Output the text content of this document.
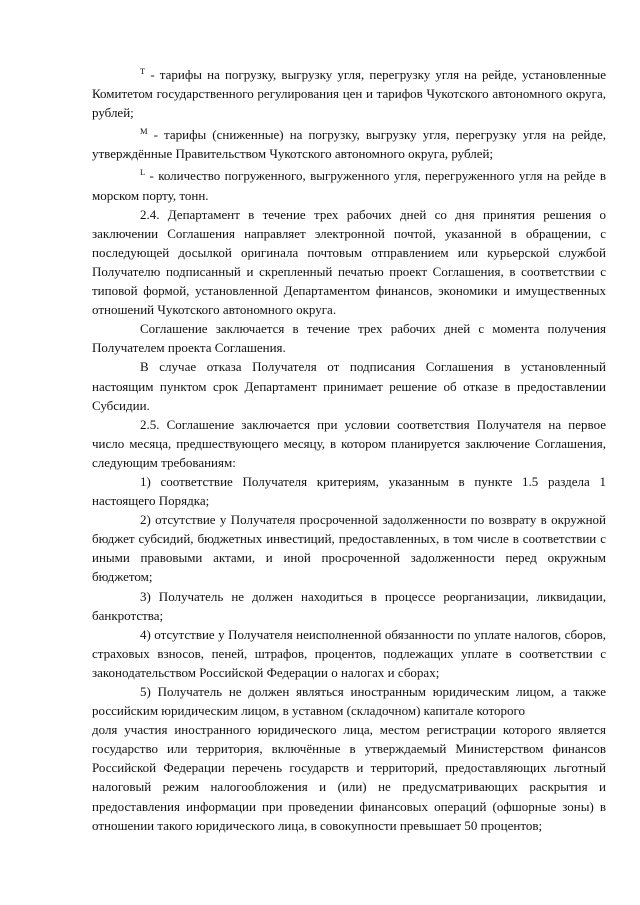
$^T$ - тарифы на погрузку, выгрузку угля, перегрузку угля на рейде, установленные Комитетом государственного регулирования цен и тарифов Чукотского автономного округа, рублей;

$^M$ - тарифы (сниженные) на погрузку, выгрузку угля, перегрузку угля на рейде, утверждённые Правительством Чукотского автономного округа, рублей;

$^L$ - количество погруженного, выгруженного угля, перегруженного угля на рейде в морском порту, тонн.

2.4. Департамент в течение трех рабочих дней со дня принятия решения о заключении Соглашения направляет электронной почтой, указанной в обращении, с последующей досылкой оригинала почтовым отправлением или курьерской службой Получателю подписанный и скрепленный печатью проект Соглашения, в соответствии с типовой формой, установленной Департаментом финансов, экономики и имущественных отношений Чукотского автономного округа.

Соглашение заключается в течение трех рабочих дней с момента получения Получателем проекта Соглашения.

В случае отказа Получателя от подписания Соглашения в установленный настоящим пунктом срок Департамент принимает решение об отказе в предоставлении Субсидии.

2.5. Соглашение заключается при условии соответствия Получателя на первое число месяца, предшествующего месяцу, в котором планируется заключение Соглашения, следующим требованиям:

1) соответствие Получателя критериям, указанным в пункте 1.5 раздела 1 настоящего Порядка;

2) отсутствие у Получателя просроченной задолженности по возврату в окружной бюджет субсидий, бюджетных инвестиций, предоставленных, в том числе в соответствии с иными правовыми актами, и иной просроченной задолженности перед окружным бюджетом;

3) Получатель не должен находиться в процессе реорганизации, ликвидации, банкротства;

4) отсутствие у Получателя неисполненной обязанности по уплате налогов, сборов, страховых взносов, пеней, штрафов, процентов, подлежащих уплате в соответствии с законодательством Российской Федерации о налогах и сборах;

5) Получатель не должен являться иностранным юридическим лицом, а также российским юридическим лицом, в уставном (складочном) капитале которого

доля участия иностранного юридического лица, местом регистрации которого является государство или территория, включённые в утверждаемый Министерством финансов Российской Федерации перечень государств и территорий, предоставляющих льготный налоговый режим налогообложения и (или) не предусматривающих раскрытия и предоставления информации при проведении финансовых операций (офшорные зоны) в отношении такого юридического лица, в совокупности превышает 50 процентов;
